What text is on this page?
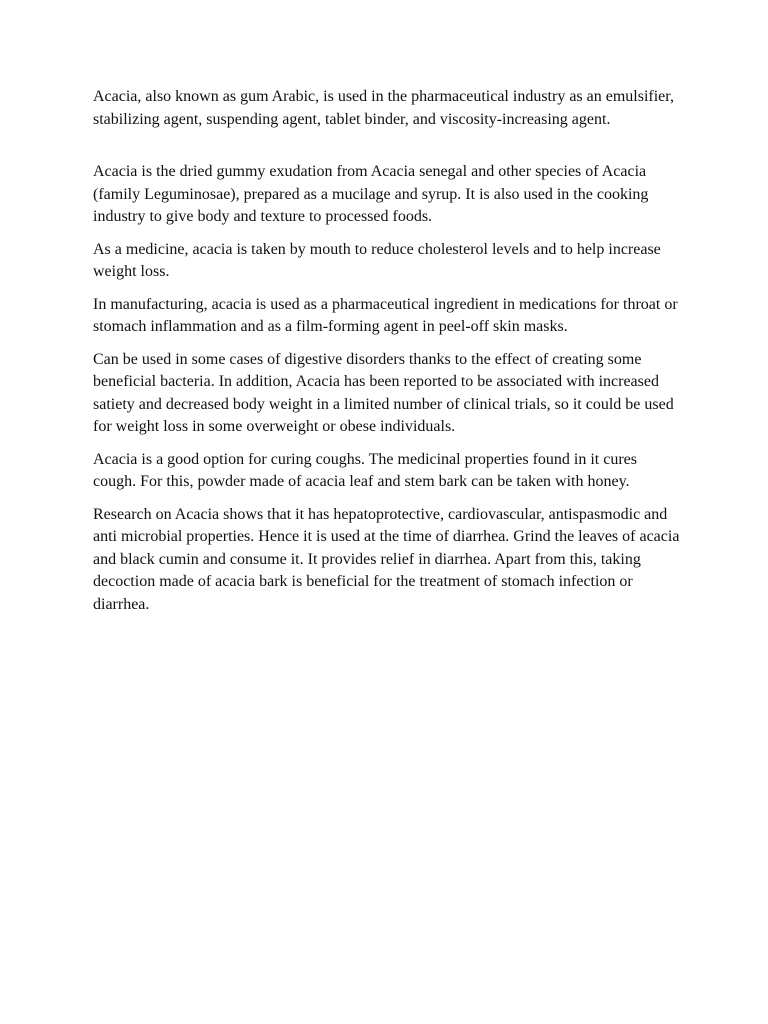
Acacia, also known as gum Arabic, is used in the pharmaceutical industry as an emulsifier, stabilizing agent, suspending agent, tablet binder, and viscosity-increasing agent.

Acacia is the dried gummy exudation from Acacia senegal and other species of Acacia (family Leguminosae), prepared as a mucilage and syrup. It is also used in the cooking industry to give body and texture to processed foods.

As a medicine, acacia is taken by mouth to reduce cholesterol levels and to help increase weight loss.

In manufacturing, acacia is used as a pharmaceutical ingredient in medications for throat or stomach inflammation and as a film-forming agent in peel-off skin masks.

Can be used in some cases of digestive disorders thanks to the effect of creating some beneficial bacteria. In addition, Acacia has been reported to be associated with increased satiety and decreased body weight in a limited number of clinical trials, so it could be used for weight loss in some overweight or obese individuals.

Acacia is a good option for curing coughs. The medicinal properties found in it cures cough. For this, powder made of acacia leaf and stem bark can be taken with honey.

Research on Acacia shows that it has hepatoprotective, cardiovascular, antispasmodic and anti microbial properties. Hence it is used at the time of diarrhea. Grind the leaves of acacia and black cumin and consume it. It provides relief in diarrhea. Apart from this, taking decoction made of acacia bark is beneficial for the treatment of stomach infection or diarrhea.
